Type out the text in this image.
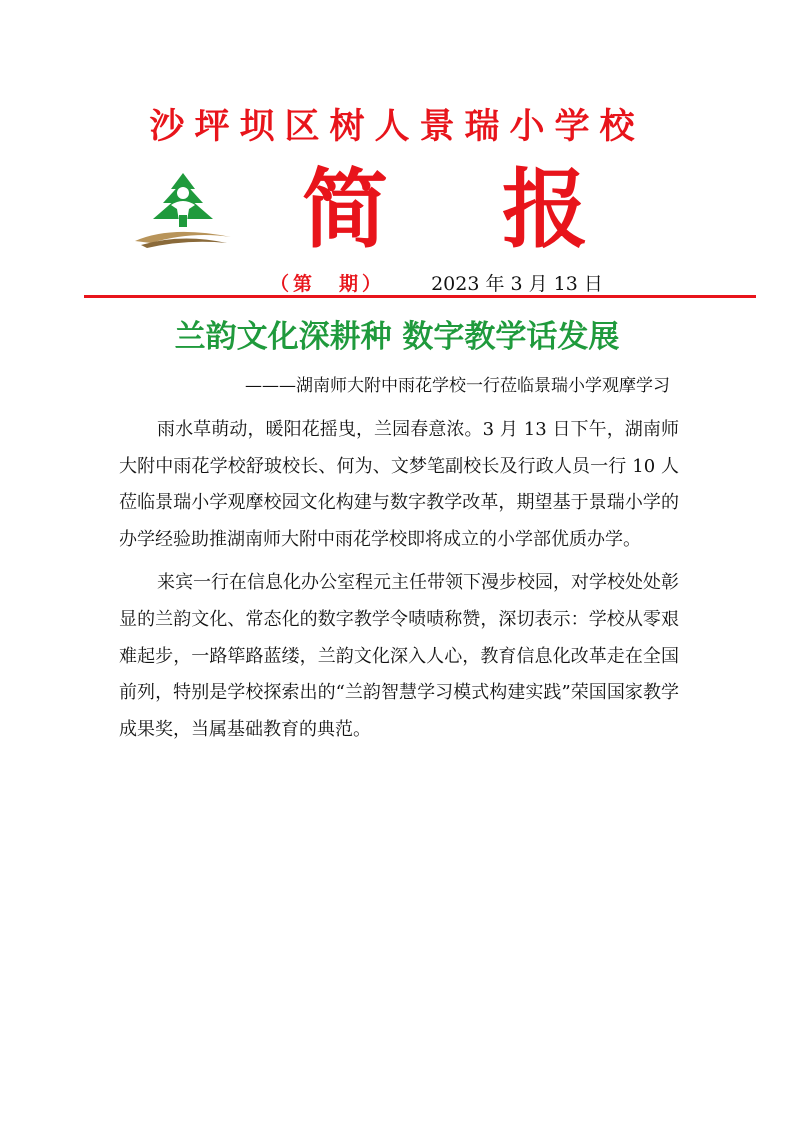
沙坪坝区树人景瑞小学校
简 报
（第　期） 2023 年 3 月 13 日
兰韵文化深耕种 数字教学话发展
———湖南师大附中雨花学校一行莅临景瑞小学观摩学习

雨水草萌动，暖阳花摇曳，兰园春意浓。3 月 13 日下午，湖南师大附中雨花学校舒玻校长、何为、文梦笔副校长及行政人员一行 10 人莅临景瑞小学观摩校园文化构建与数字教学改革，期望基于景瑞小学的办学经验助推湖南师大附中雨花学校即将成立的小学部优质办学。

来宾一行在信息化办公室程元主任带领下漫步校园，对学校处处彰显的兰韵文化、常态化的数字教学令啧啧称赞，深切表示：学校从零艰难起步，一路筚路蓝缕，兰韵文化深入人心，教育信息化改革走在全国前列，特别是学校探索出的“兰韵智慧学习模式构建实践”荣国国家教学成果奖，当属基础教育的典范。
